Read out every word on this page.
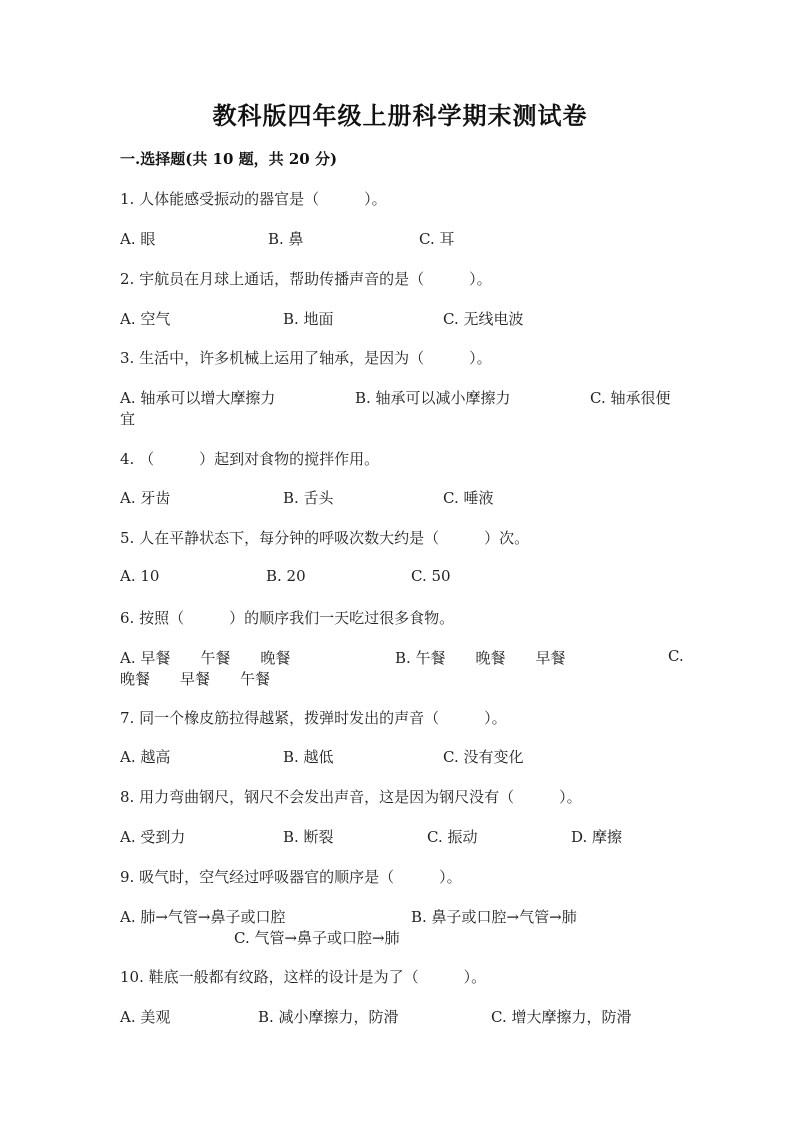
教科版四年级上册科学期末测试卷
一.选择题(共 10 题，共 20 分)
1. 人体能感受振动的器官是（　　　）。
A. 眼	B. 鼻	C. 耳
2. 宇航员在月球上通话，帮助传播声音的是（　　　）。
A. 空气	B. 地面	C. 无线电波
3. 生活中，许多机械上运用了轴承，是因为（　　　）。
A. 轴承可以增大摩擦力	B. 轴承可以减小摩擦力	C. 轴承很便
宜
4. （　　　）起到对食物的搅拌作用。
A. 牙齿	B. 舌头	C. 唾液
5. 人在平静状态下，每分钟的呼吸次数大约是（　　　）次。
A. 10	B. 20	C. 50
6. 按照（　　　）的顺序我们一天吃过很多食物。
A. 早餐　　午餐　　晚餐	B. 午餐　　晚餐　　早餐	C.
晚餐　　早餐　　午餐
7. 同一个橡皮筋拉得越紧，拨弹时发出的声音（　　　）。
A. 越高	B. 越低	C. 没有变化
8. 用力弯曲钢尺，钢尺不会发出声音，这是因为钢尺没有（　　　）。
A. 受到力	B. 断裂	C. 振动	D. 摩擦
9. 吸气时，空气经过呼吸器官的顺序是（　　　）。
A. 肺→气管→鼻子或口腔	B. 鼻子或口腔→气管→肺
C. 气管→鼻子或口腔→肺
10. 鞋底一般都有纹路，这样的设计是为了（　　　）。
A. 美观	B. 减小摩擦力，防滑	C. 增大摩擦力，防滑
